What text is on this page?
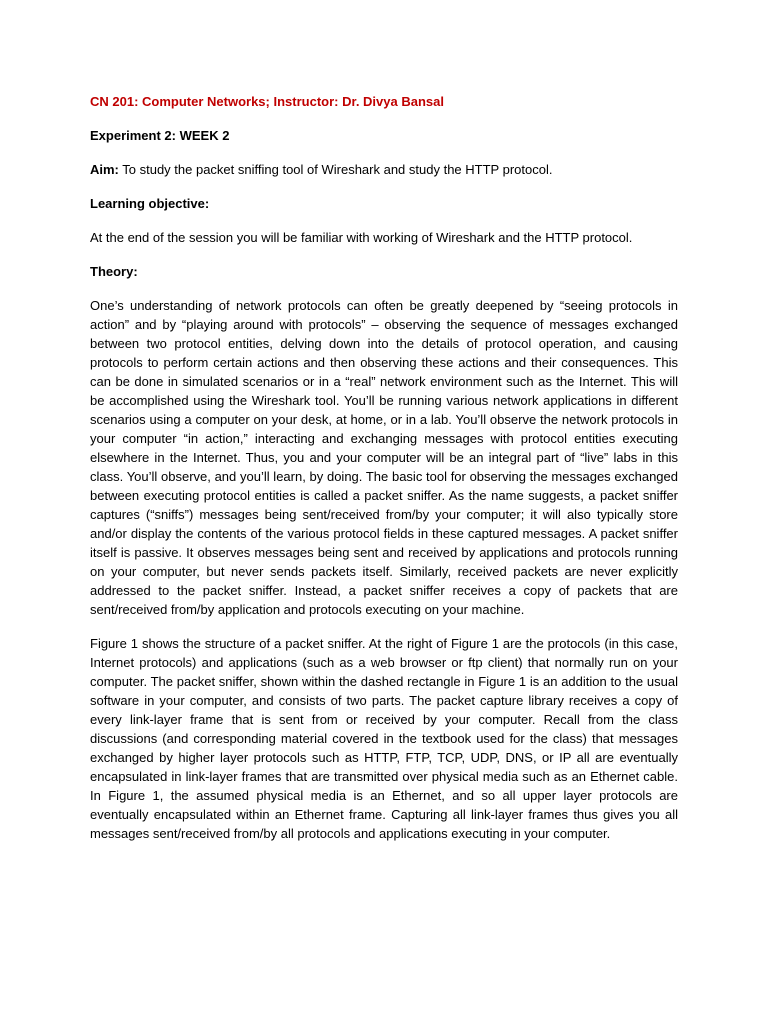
CN 201: Computer Networks; Instructor: Dr. Divya Bansal
Experiment 2: WEEK 2
Aim: To study the packet sniffing tool of Wireshark and study the HTTP protocol.
Learning objective:
At the end of the session you will be familiar with working of Wireshark and the HTTP protocol.
Theory:
One’s understanding of network protocols can often be greatly deepened by “seeing protocols in action” and by “playing around with protocols” – observing the sequence of messages exchanged between two protocol entities, delving down into the details of protocol operation, and causing protocols to perform certain actions and then observing these actions and their consequences. This can be done in simulated scenarios or in a “real” network environment such as the Internet. This will be accomplished using the Wireshark tool. You’ll be running various network applications in different scenarios using a computer on your desk, at home, or in a lab. You’ll observe the network protocols in your computer “in action,” interacting and exchanging messages with protocol entities executing elsewhere in the Internet. Thus, you and your computer will be an integral part of “live” labs in this class. You’ll observe, and you’ll learn, by doing. The basic tool for observing the messages exchanged between executing protocol entities is called a packet sniffer. As the name suggests, a packet sniffer captures (“sniffs”) messages being sent/received from/by your computer; it will also typically store and/or display the contents of the various protocol fields in these captured messages. A packet sniffer itself is passive. It observes messages being sent and received by applications and protocols running on your computer, but never sends packets itself. Similarly, received packets are never explicitly addressed to the packet sniffer. Instead, a packet sniffer receives a copy of packets that are sent/received from/by application and protocols executing on your machine.
Figure 1 shows the structure of a packet sniffer. At the right of Figure 1 are the protocols (in this case, Internet protocols) and applications (such as a web browser or ftp client) that normally run on your computer. The packet sniffer, shown within the dashed rectangle in Figure 1 is an addition to the usual software in your computer, and consists of two parts. The packet capture library receives a copy of every link-layer frame that is sent from or received by your computer. Recall from the class discussions (and corresponding material covered in the textbook used for the class) that messages exchanged by higher layer protocols such as HTTP, FTP, TCP, UDP, DNS, or IP all are eventually encapsulated in link-layer frames that are transmitted over physical media such as an Ethernet cable. In Figure 1, the assumed physical media is an Ethernet, and so all upper layer protocols are eventually encapsulated within an Ethernet frame. Capturing all link-layer frames thus gives you all messages sent/received from/by all protocols and applications executing in your computer.
